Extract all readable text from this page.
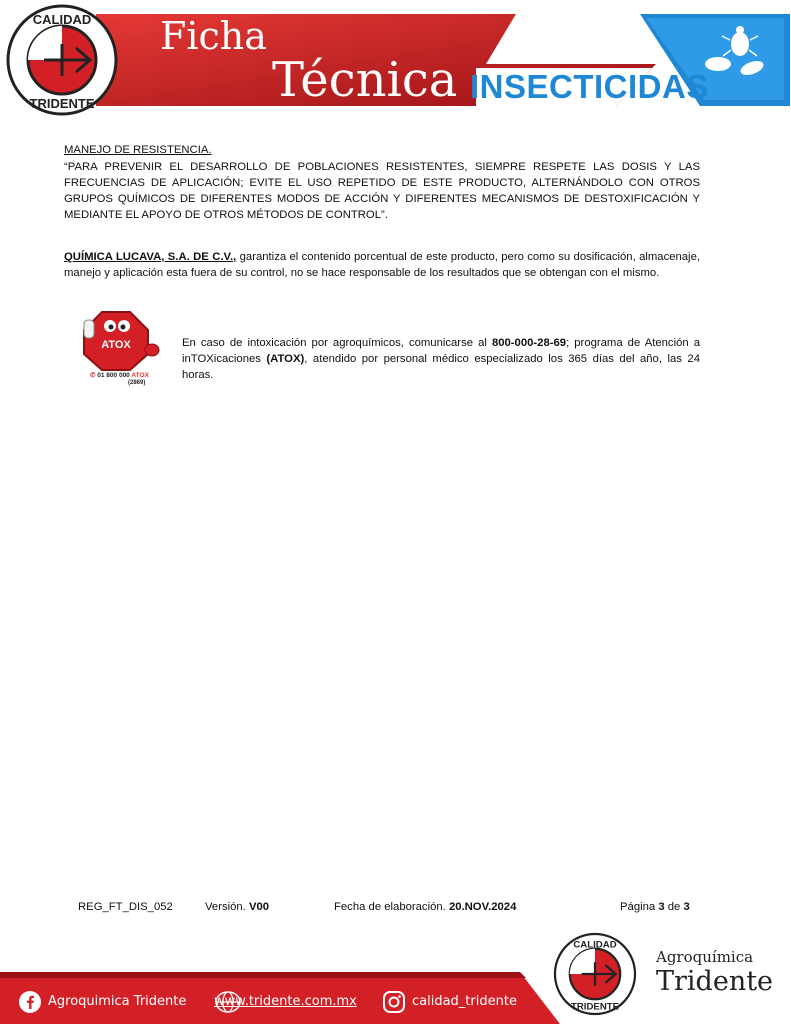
CALIDAD
TRIDENTE
Ficha
Técnica INSECTICIDAS
MANEJO DE RESISTENCIA.
“PARA PREVENIR EL DESARROLLO DE POBLACIONES RESISTENTES, SIEMPRE RESPETE LAS DOSIS Y LAS FRECUENCIAS DE APLICACIÓN; EVITE EL USO REPETIDO DE ESTE PRODUCTO, ALTERNÁNDOLO CON OTROS GRUPOS QUÍMICOS DE DIFERENTES MODOS DE ACCIÓN Y DIFERENTES MECANISMOS DE DESTOXIFICACIÓN Y MEDIANTE EL APOYO DE OTROS MÉTODOS DE CONTROL”.
QUÍMICA LUCAVA, S.A. DE C.V., garantiza el contenido porcentual de este producto, pero como su dosificación, almacenaje, manejo y aplicación esta fuera de su control, no se hace responsable de los resultados que se obtengan con el mismo.
ATOX
✆ 01 800 000 ATOX
(2869)
En caso de intoxicación por agroquímicos, comunicarse al 800-000-28-69; programa de Atención a inTOXicaciones (ATOX), atendido por personal médico especializado los 365 días del año, las 24 horas.
REG_FT_DIS_052	Versión. V00	Fecha de elaboración. 20.NOV.2024	Página 3 de 3
CALIDAD
TRIDENTE
Agroquímica
Tridente
Agroquimica Tridente www.tridente.com.mx	calidad_tridente
